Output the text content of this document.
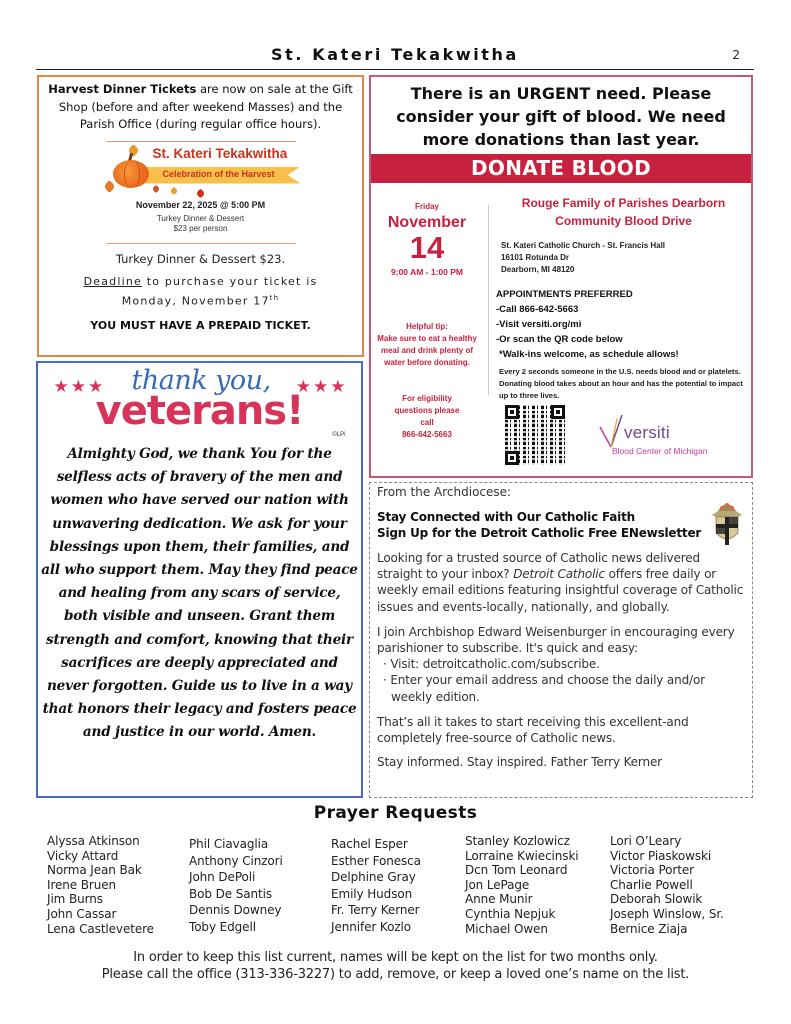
St. Kateri Tekakwitha	2
Harvest Dinner Tickets are now on sale at the Gift Shop (before and after weekend Masses) and the Parish Office (during regular office hours).
St. Kateri Tekakwitha
Celebration of the Harvest
November 22, 2025 @ 5:00 PM
Turkey Dinner & Dessert
$23 per person
Turkey Dinner & Dessert $23.
Deadline to purchase your ticket is
Monday, November 17th
YOU MUST HAVE A PREPAID TICKET.
There is an URGENT need. Please consider your gift of blood. We need more donations than last year.
DONATE BLOOD
Friday
November
14
9:00 AM - 1:00 PM
Helpful tip:
Make sure to eat a healthy meal and drink plenty of water before donating.
For eligibility questions please call
866-642-5663
Rouge Family of Parishes Dearborn
Community Blood Drive
St. Kateri Catholic Church - St. Francis Hall
16101 Rotunda Dr
Dearborn, MI 48120
APPOINTMENTS PREFERRED
-Call 866-642-5663
-Visit versiti.org/mi
-Or scan the QR code below
*Walk-ins welcome, as schedule allows!
Every 2 seconds someone in the U.S. needs blood and or platelets. Donating blood takes about an hour and has the potential to impact up to three lives.
versiti
Blood Center of Michigan
★★★	★★★
veterans!
thank you,
©LPi
Almighty God, we thank You for the selfless acts of bravery of the men and women who have served our nation with unwavering dedication. We ask for your blessings upon them, their families, and all who support them. May they find peace and healing from any scars of service, both visible and unseen. Grant them strength and comfort, knowing that their sacrifices are deeply appreciated and never forgotten. Guide us to live in a way that honors their legacy and fosters peace and justice in our world. Amen.
From the Archdiocese:
Stay Connected with Our Catholic Faith
Sign Up for the Detroit Catholic Free ENewsletter
Looking for a trusted source of Catholic news delivered straight to your inbox? Detroit Catholic offers free daily or weekly email editions featuring insightful coverage of Catholic issues and events-locally, nationally, and globally.
I join Archbishop Edward Weisenburger in encouraging every parishioner to subscribe. It's quick and easy:
· Visit: detroitcatholic.com/subscribe.
· Enter your email address and choose the daily and/or weekly edition.
That’s all it takes to start receiving this excellent-and completely free-source of Catholic news.
Stay informed. Stay inspired. Father Terry Kerner
Prayer Requests
Alyssa Atkinson
Vicky Attard
Norma Jean Bak
Irene Bruen
Jim Burns
John Cassar
Lena Castlevetere
Phil Ciavaglia
Anthony Cinzori
John DePoli
Bob De Santis
Dennis Downey
Toby Edgell
Rachel Esper
Esther Fonesca
Delphine Gray
Emily Hudson
Fr. Terry Kerner
Jennifer Kozlo
Stanley Kozlowicz
Lorraine Kwiecinski
Dcn Tom Leonard
Jon LePage
Anne Munir
Cynthia Nepjuk
Michael Owen
Lori O’Leary
Victor Piaskowski
Victoria Porter
Charlie Powell
Deborah Slowik
Joseph Winslow, Sr.
Bernice Ziaja
In order to keep this list current, names will be kept on the list for two months only.
Please call the office (313-336-3227) to add, remove, or keep a loved one’s name on the list.
